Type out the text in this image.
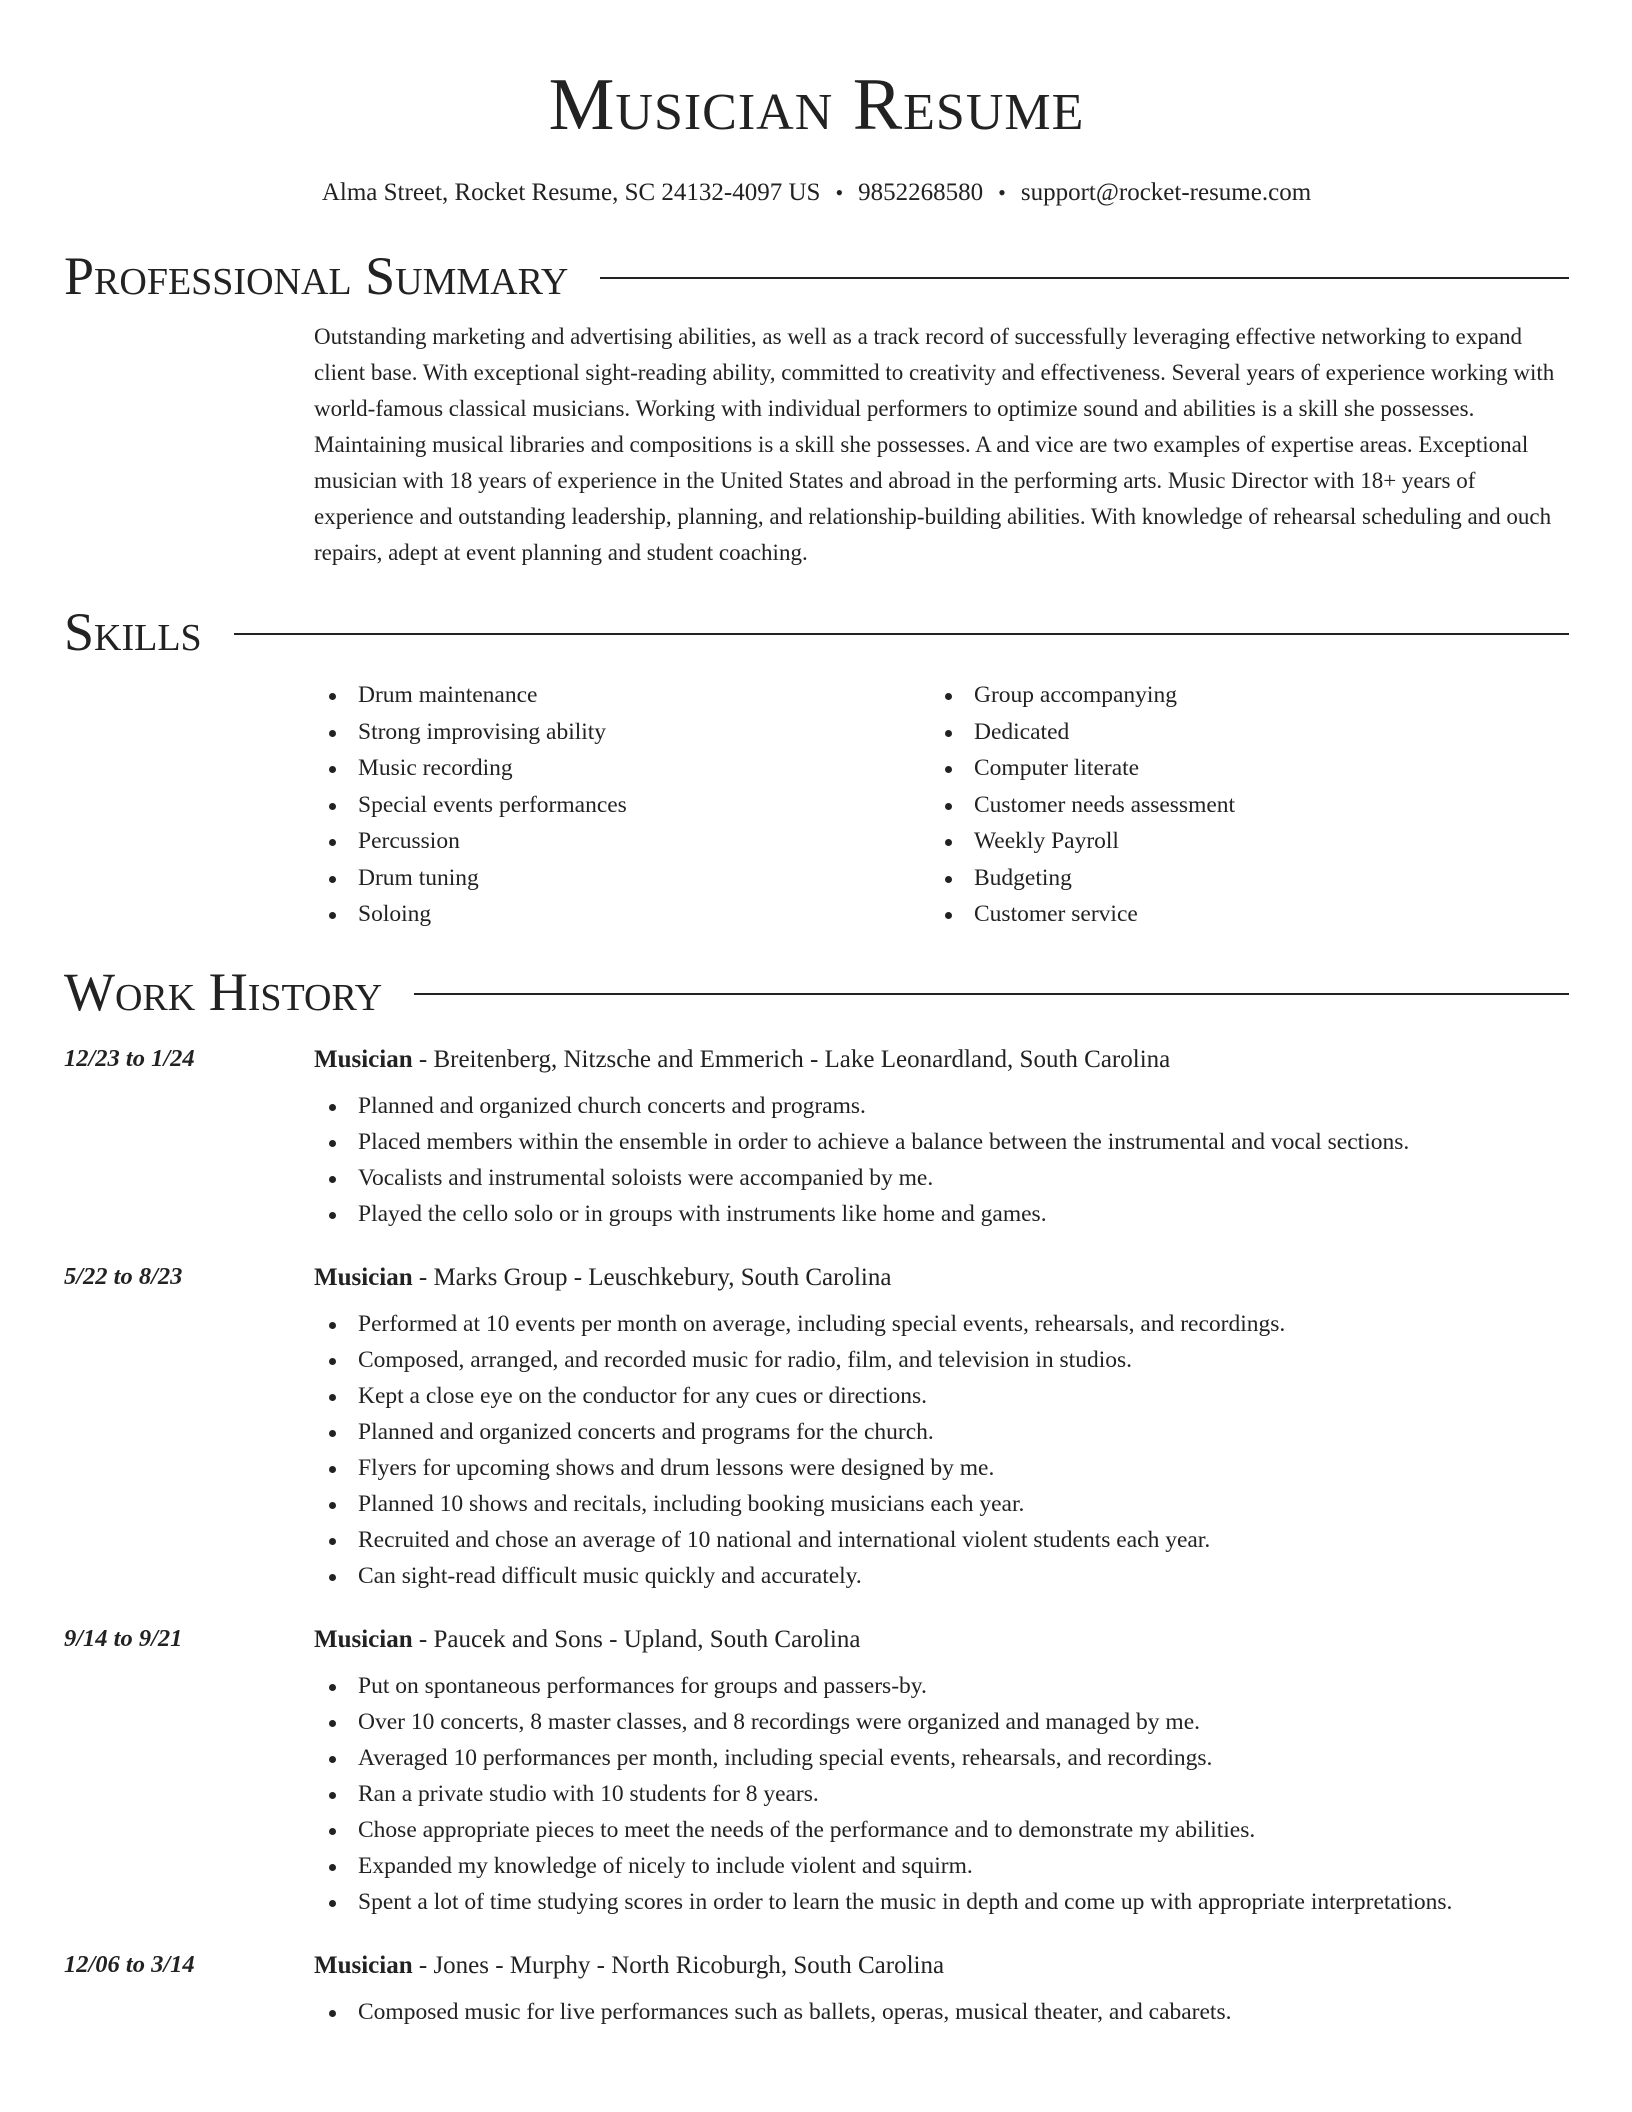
Musician Resume
Alma Street, Rocket Resume, SC 24132-4097 US • 9852268580 • support@rocket-resume.com
Professional Summary

Outstanding marketing and advertising abilities, as well as a track record of successfully leveraging effective networking to expand client base. With exceptional sight-reading ability, committed to creativity and effectiveness. Several years of experience working with world-famous classical musicians. Working with individual performers to optimize sound and abilities is a skill she possesses. Maintaining musical libraries and compositions is a skill she possesses. A and vice are two examples of expertise areas. Exceptional musician with 18 years of experience in the United States and abroad in the performing arts. Music Director with 18+ years of experience and outstanding leadership, planning, and relationship-building abilities. With knowledge of rehearsal scheduling and ouch repairs, adept at event planning and student coaching.

Skills
Drum maintenance
Strong improvising ability
Music recording
Special events performances
Percussion
Drum tuning
Soloing
Group accompanying
Dedicated
Computer literate
Customer needs assessment
Weekly Payroll
Budgeting
Customer service
Work History
12/23 to 1/24	Musician - Breitenberg, Nitzsche and Emmerich - Lake Leonardland, South Carolina
Planned and organized church concerts and programs.
Placed members within the ensemble in order to achieve a balance between the instrumental and vocal sections.
Vocalists and instrumental soloists were accompanied by me.
Played the cello solo or in groups with instruments like home and games.
5/22 to 8/23	Musician - Marks Group - Leuschkebury, South Carolina
Performed at 10 events per month on average, including special events, rehearsals, and recordings.
Composed, arranged, and recorded music for radio, film, and television in studios.
Kept a close eye on the conductor for any cues or directions.
Planned and organized concerts and programs for the church.
Flyers for upcoming shows and drum lessons were designed by me.
Planned 10 shows and recitals, including booking musicians each year.
Recruited and chose an average of 10 national and international violent students each year.
Can sight-read difficult music quickly and accurately.
9/14 to 9/21	Musician - Paucek and Sons - Upland, South Carolina
Put on spontaneous performances for groups and passers-by.
Over 10 concerts, 8 master classes, and 8 recordings were organized and managed by me.
Averaged 10 performances per month, including special events, rehearsals, and recordings.
Ran a private studio with 10 students for 8 years.
Chose appropriate pieces to meet the needs of the performance and to demonstrate my abilities.
Expanded my knowledge of nicely to include violent and squirm.
Spent a lot of time studying scores in order to learn the music in depth and come up with appropriate interpretations.
12/06 to 3/14	Musician - Jones - Murphy - North Ricoburgh, South Carolina
Composed music for live performances such as ballets, operas, musical theater, and cabarets.
